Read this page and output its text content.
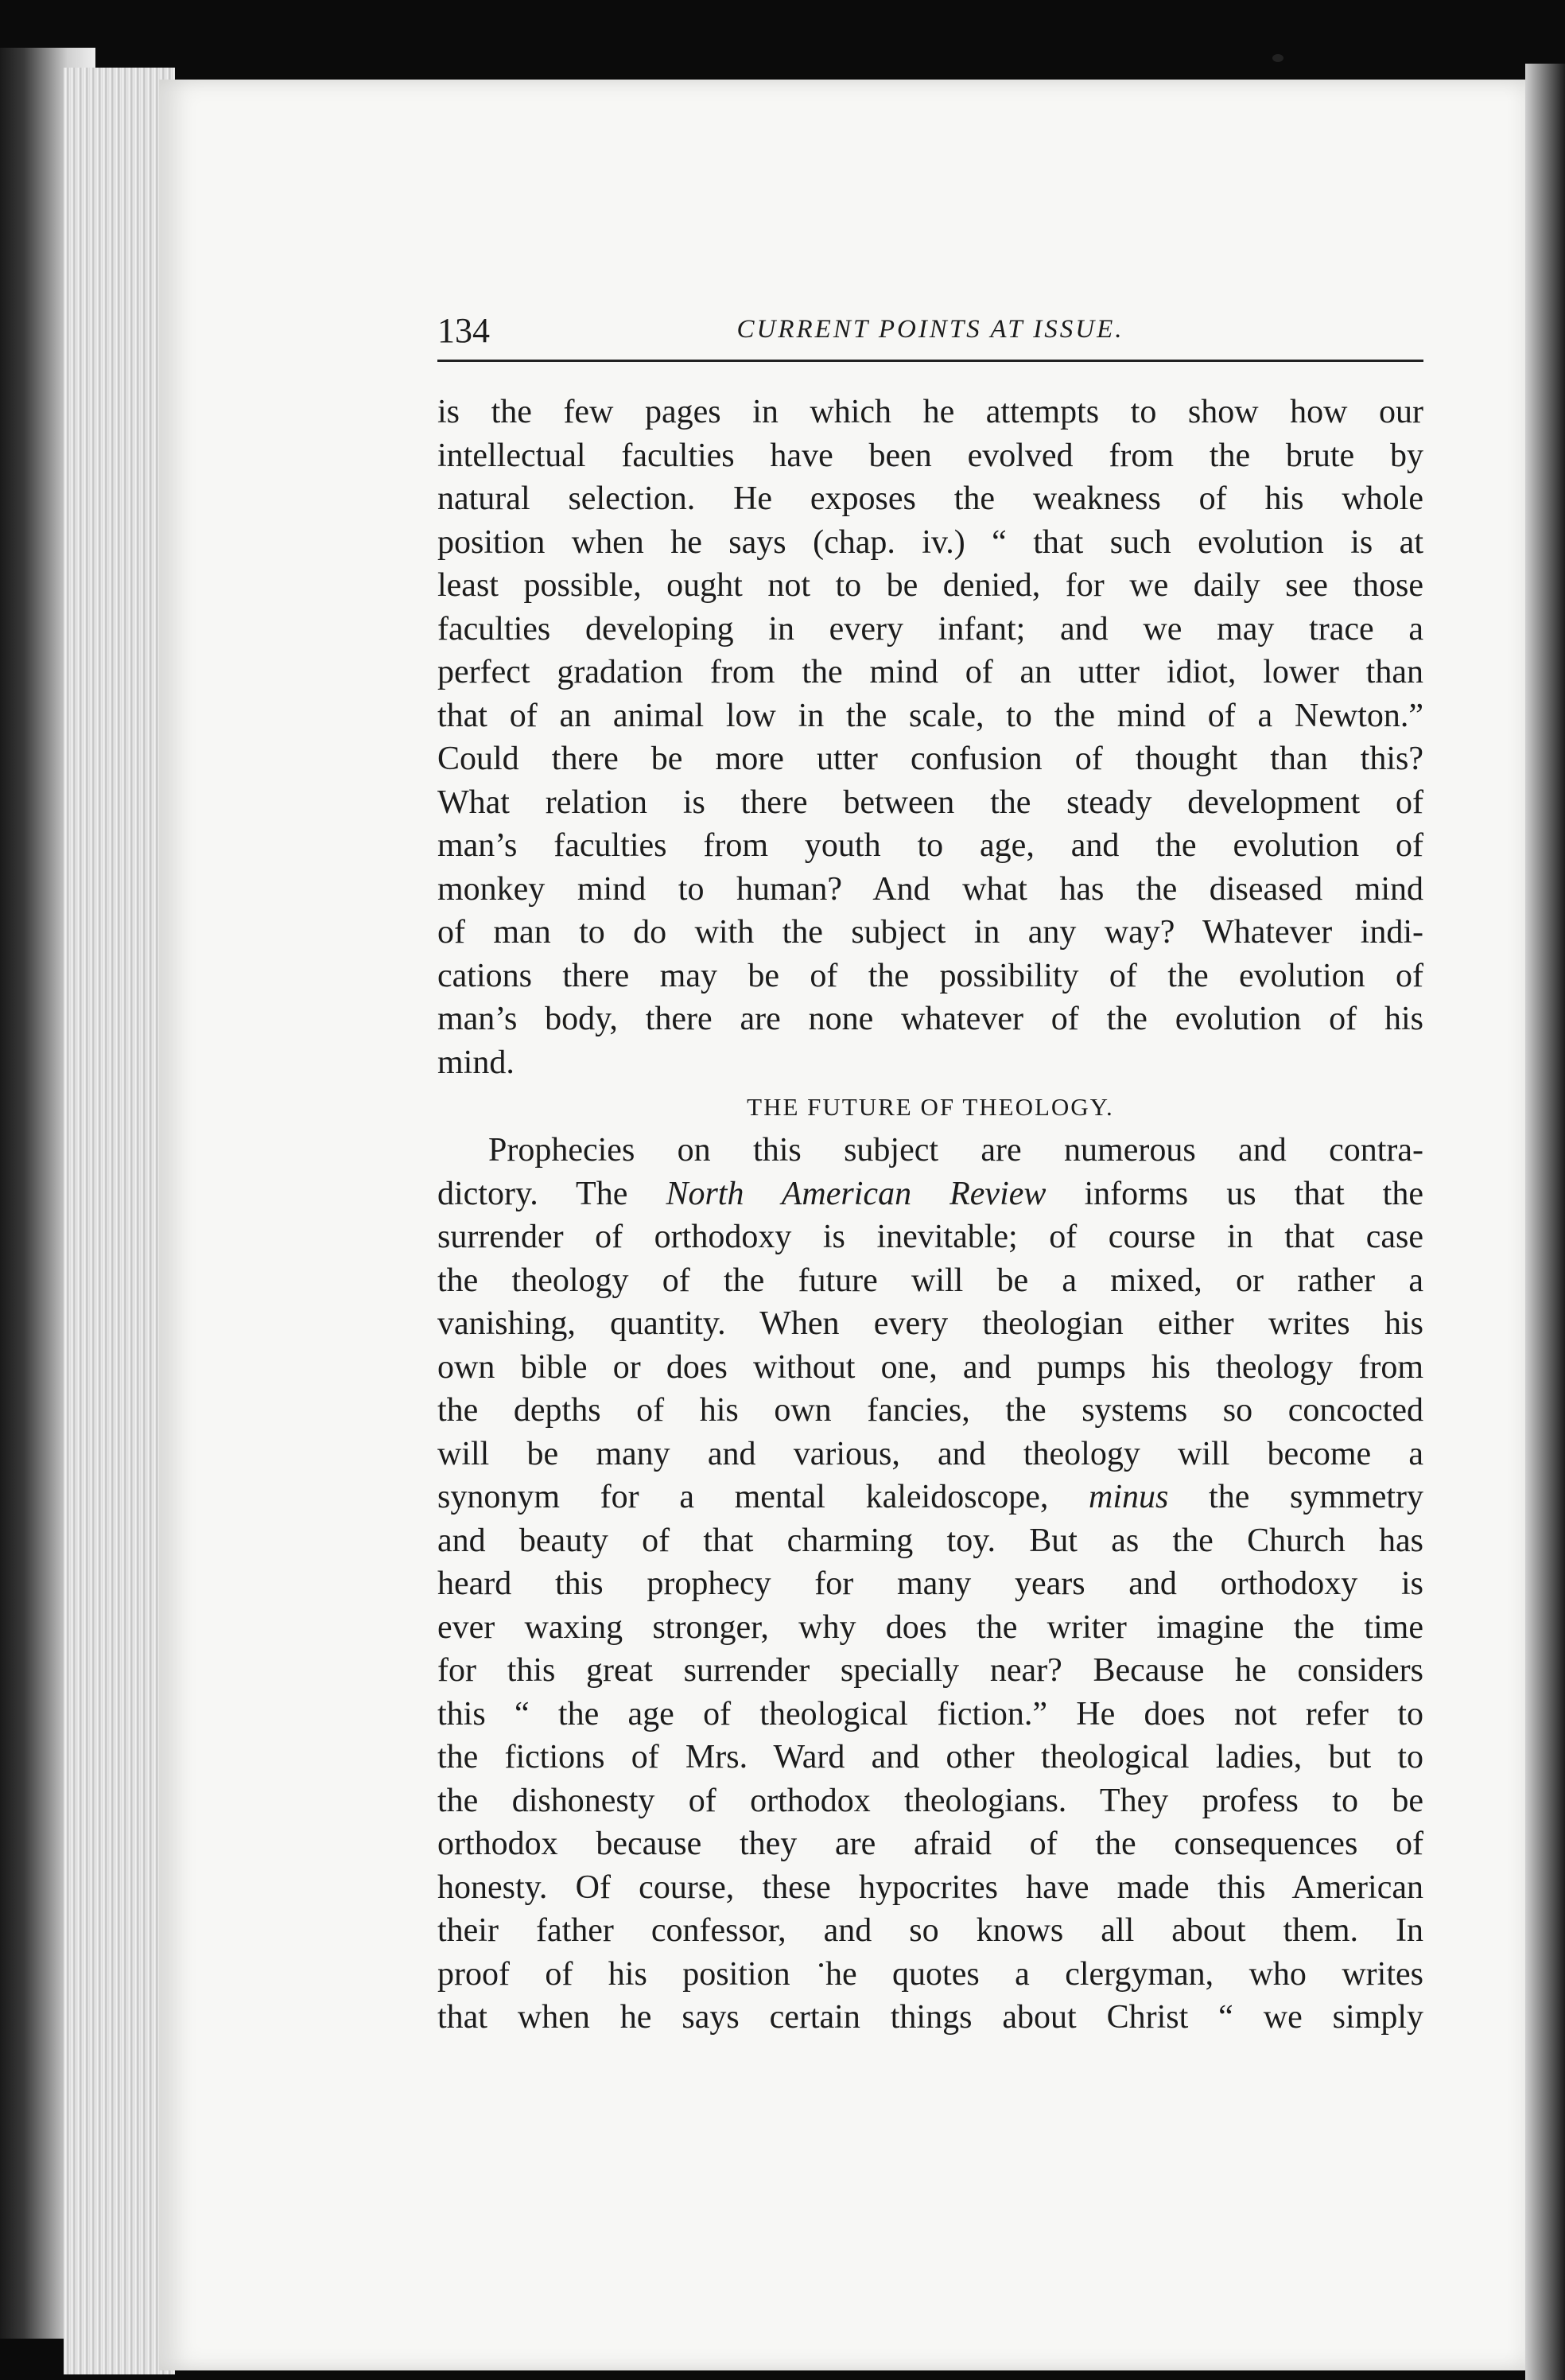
134	CURRENT POINTS AT ISSUE.

is the few pages in which he attempts to show how our
intellectual faculties have been evolved from the brute by
natural selection. He exposes the weakness of his whole
position when he says (chap. iv.) “ that such evolution is at
least possible, ought not to be denied, for we daily see those
faculties developing in every infant; and we may trace a
perfect gradation from the mind of an utter idiot, lower than
that of an animal low in the scale, to the mind of a Newton.”
Could there be more utter confusion of thought than this?
What relation is there between the steady development of
man’s faculties from youth to age, and the evolution of
monkey mind to human? And what has the diseased mind
of man to do with the subject in any way? Whatever indi-
cations there may be of the possibility of the evolution of
man’s body, there are none whatever of the evolution of his
mind.

THE FUTURE OF THEOLOGY.

Prophecies on this subject are numerous and contra-
dictory. The North American Review informs us that the
surrender of orthodoxy is inevitable; of course in that case
the theology of the future will be a mixed, or rather a
vanishing, quantity. When every theologian either writes his
own bible or does without one, and pumps his theology from
the depths of his own fancies, the systems so concocted
will be many and various, and theology will become a
synonym for a mental kaleidoscope, minus the symmetry
and beauty of that charming toy. But as the Church has
heard this prophecy for many years and orthodoxy is
ever waxing stronger, why does the writer imagine the time
for this great surrender specially near? Because he considers
this “ the age of theological fiction.” He does not refer to
the fictions of Mrs. Ward and other theological ladies, but to
the dishonesty of orthodox theologians. They profess to be
orthodox because they are afraid of the consequences of
honesty. Of course, these hypocrites have made this American
their father confessor, and so knows all about them. In
proof of his position he quotes a clergyman, who writes
that when he says certain things about Christ “ we simply
